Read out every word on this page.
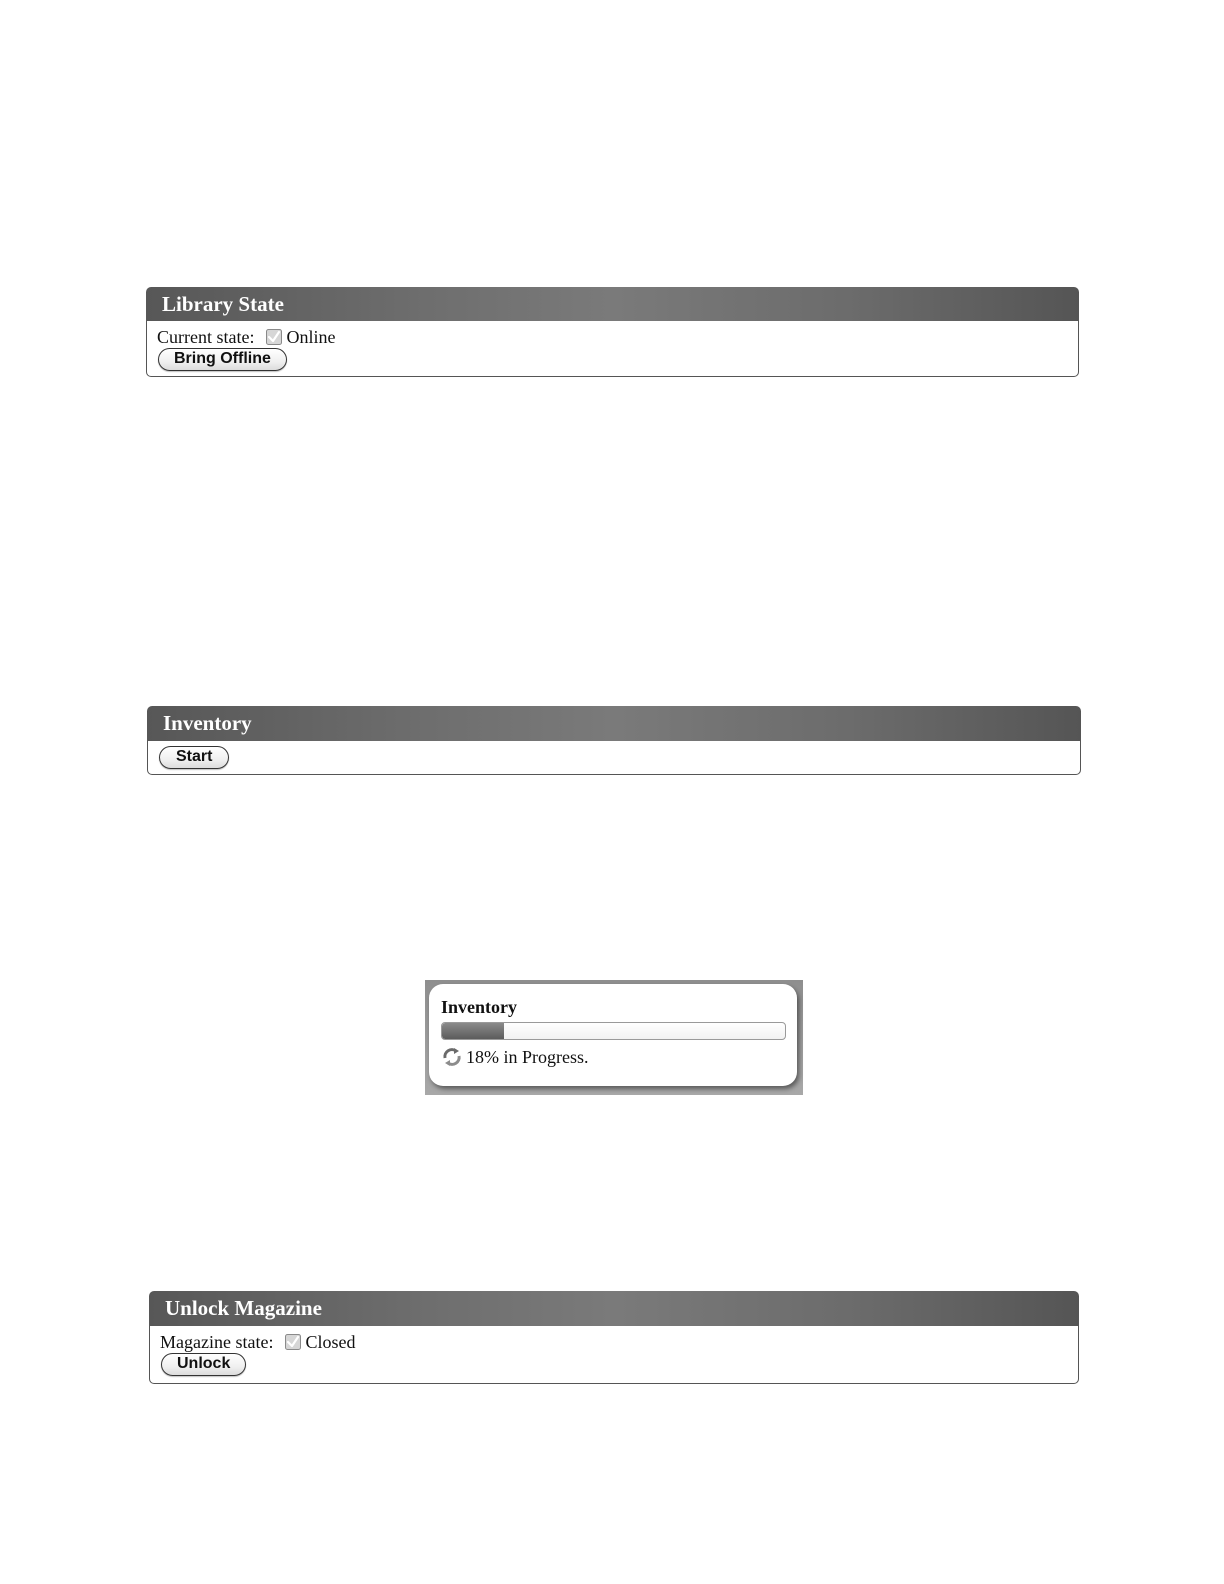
Library State
Current state: Online
Bring Offline
Inventory
Start
Inventory
18% in Progress.
Unlock Magazine
Magazine state: Closed
Unlock
